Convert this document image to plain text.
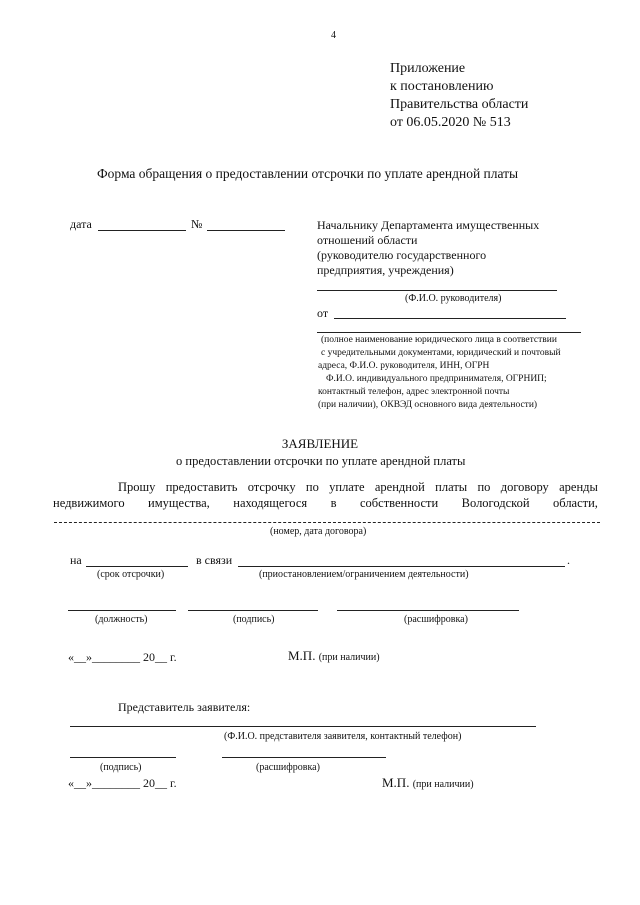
4
Приложение
к постановлению
Правительства области
от 06.05.2020 № 513
Форма обращения о предоставлении отсрочки по уплате арендной платы
дата	№	Начальнику Департамента имущественных
отношений области
(руководителю государственного
предприятия, учреждения)
(Ф.И.О. руководителя)
от
(полное наименование юридического лица в соответствии
с учредительными документами, юридический и почтовый
адреса, Ф.И.О. руководителя, ИНН, ОГРН
Ф.И.О. индивидуального предпринимателя, ОГРНИП;
контактный телефон, адрес электронной почты
(при наличии), ОКВЭД основного вида деятельности)
ЗАЯВЛЕНИЕ
о предоставлении отсрочки по уплате арендной платы
Прошу предоставить отсрочку по уплате арендной платы по договору аренды
недвижимого имущества, находящегося в собственности Вологодской области,
(номер, дата договора)
на	в связи	.
(срок отсрочки)	(приостановлением/ограничением деятельности)
(должность)	(подпись)	(расшифровка)
«__»________ 20__ г.	М.П. (при наличии)
Представитель заявителя:
(Ф.И.О. представителя заявителя, контактный телефон)
(подпись)	(расшифровка)
«__»________ 20__ г.	М.П. (при наличии)
